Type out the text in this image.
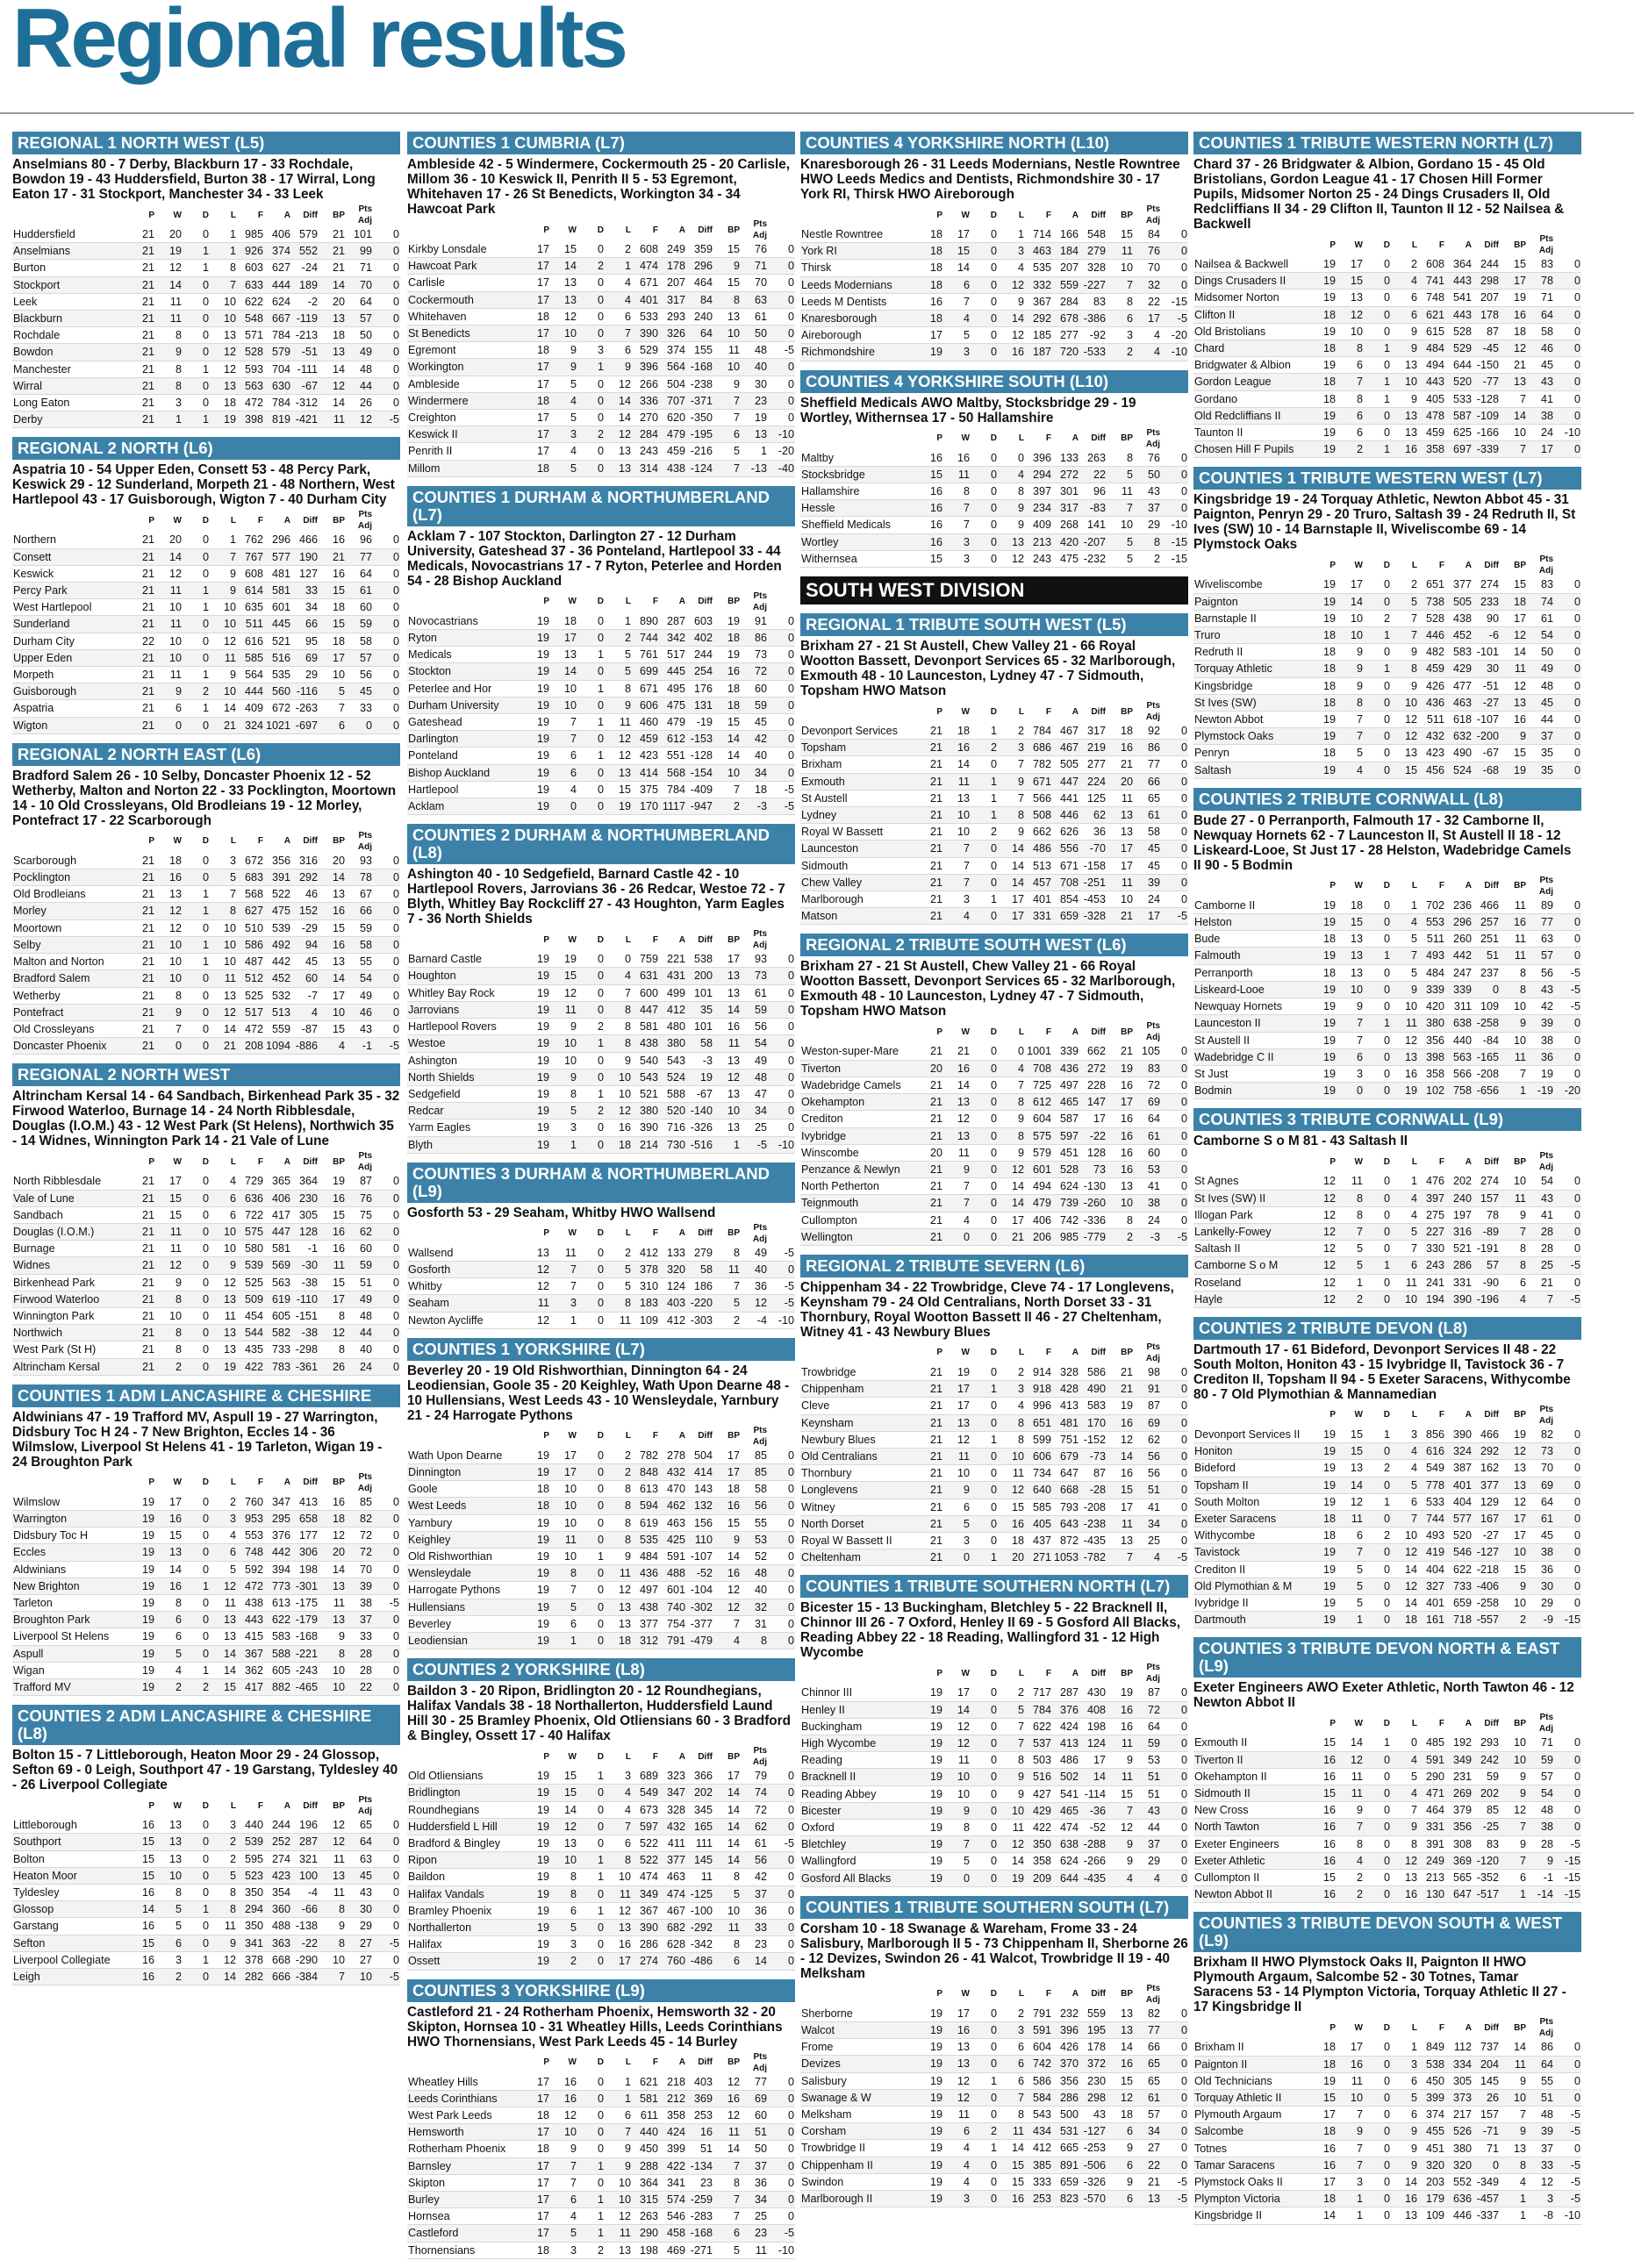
Regional results
REGIONAL 1 NORTH WEST (L5)
Anselmians 80 - 7 Derby, Blackburn 17 - 33 Rochdale, Bowdon 19 - 43 Huddersfield, Burton 38 - 17 Wirral, Long Eaton 17 - 31 Stockport, Manchester 34 - 33 Leek
	P	W	D	L	F	A	Diff	BP	Pts Adj	
Huddersfield	21	20	0	1	985	406	579	21	101	0
Anselmians	21	19	1	1	926	374	552	21	99	0
Burton	21	12	1	8	603	627	-24	21	71	0
Stockport	21	14	0	7	633	444	189	14	70	0
Leek	21	11	0	10	622	624	-2	20	64	0
Blackburn	21	11	0	10	548	667	-119	13	57	0
Rochdale	21	8	0	13	571	784	-213	18	50	0
Bowdon	21	9	0	12	528	579	-51	13	49	0
Manchester	21	8	1	12	593	704	-111	14	48	0
Wirral	21	8	0	13	563	630	-67	12	44	0
Long Eaton	21	3	0	18	472	784	-312	14	26	0
Derby	21	1	1	19	398	819	-421	11	12	-5
REGIONAL 2 NORTH (L6)
Aspatria 10 - 54 Upper Eden, Consett 53 - 48 Percy Park, Keswick 29 - 12 Sunderland, Morpeth 21 - 48 Northern, West Hartlepool 43 - 17 Guisborough, Wigton 7 - 40 Durham City
	P	W	D	L	F	A	Diff	BP	Pts Adj	
Northern	21	20	0	1	762	296	466	16	96	0
Consett	21	14	0	7	767	577	190	21	77	0
Keswick	21	12	0	9	608	481	127	16	64	0
Percy Park	21	11	1	9	614	581	33	15	61	0
West Hartlepool	21	10	1	10	635	601	34	18	60	0
Sunderland	21	11	0	10	511	445	66	15	59	0
Durham City	22	10	0	12	616	521	95	18	58	0
Upper Eden	21	10	0	11	585	516	69	17	57	0
Morpeth	21	11	1	9	564	535	29	10	56	0
Guisborough	21	9	2	10	444	560	-116	5	45	0
Aspatria	21	6	1	14	409	672	-263	7	33	0
Wigton	21	0	0	21	324	1021	-697	6	0	0
REGIONAL 2 NORTH EAST (L6)
Bradford Salem 26 - 10 Selby, Doncaster Phoenix 12 - 52 Wetherby, Malton and Norton 22 - 33 Pocklington, Moortown 14 - 10 Old Crossleyans, Old Brodleians 19 - 12 Morley, Pontefract 17 - 22 Scarborough
	P	W	D	L	F	A	Diff	BP	Pts Adj	
Scarborough	21	18	0	3	672	356	316	20	93	0
Pocklington	21	16	0	5	683	391	292	14	78	0
Old Brodleians	21	13	1	7	568	522	46	13	67	0
Morley	21	12	1	8	627	475	152	16	66	0
Moortown	21	12	0	10	510	539	-29	15	59	0
Selby	21	10	1	10	586	492	94	16	58	0
Malton and Norton	21	10	1	10	487	442	45	13	55	0
Bradford Salem	21	10	0	11	512	452	60	14	54	0
Wetherby	21	8	0	13	525	532	-7	17	49	0
Pontefract	21	9	0	12	517	513	4	10	46	0
Old Crossleyans	21	7	0	14	472	559	-87	15	43	0
Doncaster Phoenix	21	0	0	21	208	1094	-886	4	-1	-5
REGIONAL 2 NORTH WEST
Altrincham Kersal 14 - 64 Sandbach, Birkenhead Park 35 - 32 Firwood Waterloo, Burnage 14 - 24 North Ribblesdale, Douglas (I.O.M.) 43 - 12 West Park (St Helens), Northwich 35 - 14 Widnes, Winnington Park 14 - 21 Vale of Lune
	P	W	D	L	F	A	Diff	BP	Pts Adj	
North Ribblesdale	21	17	0	4	729	365	364	19	87	0
Vale of Lune	21	15	0	6	636	406	230	16	76	0
Sandbach	21	15	0	6	722	417	305	15	75	0
Douglas (I.O.M.)	21	11	0	10	575	447	128	16	62	0
Burnage	21	11	0	10	580	581	-1	16	60	0
Widnes	21	12	0	9	539	569	-30	11	59	0
Birkenhead Park	21	9	0	12	525	563	-38	15	51	0
Firwood Waterloo	21	8	0	13	509	619	-110	17	49	0
Winnington Park	21	10	0	11	454	605	-151	8	48	0
Northwich	21	8	0	13	544	582	-38	12	44	0
West Park (St H)	21	8	0	13	435	733	-298	8	40	0
Altrincham Kersal	21	2	0	19	422	783	-361	26	24	0
COUNTIES 1 ADM LANCASHIRE & CHESHIRE
Aldwinians 47 - 19 Trafford MV, Aspull 19 - 27 Warrington, Didsbury Toc H 24 - 7 New Brighton, Eccles 14 - 36 Wilmslow, Liverpool St Helens 41 - 19 Tarleton, Wigan 19 - 24 Broughton Park
	P	W	D	L	F	A	Diff	BP	Pts Adj	
Wilmslow	19	17	0	2	760	347	413	16	85	0
Warrington	19	16	0	3	953	295	658	18	82	0
Didsbury Toc H	19	15	0	4	553	376	177	12	72	0
Eccles	19	13	0	6	748	442	306	20	72	0
Aldwinians	19	14	0	5	592	394	198	14	70	0
New Brighton	19	16	1	12	472	773	-301	13	39	0
Tarleton	19	8	0	11	438	613	-175	11	38	-5
Broughton Park	19	6	0	13	443	622	-179	13	37	0
Liverpool St Helens	19	6	0	13	415	583	-168	9	33	0
Aspull	19	5	0	14	367	588	-221	8	28	0
Wigan	19	4	1	14	362	605	-243	10	28	0
Trafford MV	19	2	2	15	417	882	-465	10	22	0
COUNTIES 2 ADM LANCASHIRE & CHESHIRE (L8)
Bolton 15 - 7 Littleborough, Heaton Moor 29 - 24 Glossop, Sefton 69 - 0 Leigh, Southport 47 - 19 Garstang, Tyldesley 40 - 26 Liverpool Collegiate
	P	W	D	L	F	A	Diff	BP	Pts Adj	
Littleborough	16	13	0	3	440	244	196	12	65	0
Southport	15	13	0	2	539	252	287	12	64	0
Bolton	15	13	0	2	595	274	321	11	63	0
Heaton Moor	15	10	0	5	523	423	100	13	45	0
Tyldesley	16	8	0	8	350	354	-4	11	43	0
Glossop	14	5	1	8	294	360	-66	8	30	0
Garstang	16	5	0	11	350	488	-138	9	29	0
Sefton	15	6	0	9	341	363	-22	8	27	-5
Liverpool Collegiate	16	3	1	12	378	668	-290	10	27	0
Leigh	16	2	0	14	282	666	-384	7	10	-5
COUNTIES 1 CUMBRIA (L7)
Ambleside 42 - 5 Windermere, Cockermouth 25 - 20 Carlisle, Millom 36 - 10 Keswick II, Penrith II 5 - 53 Egremont, Whitehaven 17 - 26 St Benedicts, Workington 34 - 34 Hawcoat Park
	P	W	D	L	F	A	Diff	BP	Pts Adj	
Kirkby Lonsdale	17	15	0	2	608	249	359	15	76	0
Hawcoat Park	17	14	2	1	474	178	296	9	71	0
Carlisle	17	13	0	4	671	207	464	15	70	0
Cockermouth	17	13	0	4	401	317	84	8	63	0
Whitehaven	18	12	0	6	533	293	240	13	61	0
St Benedicts	17	10	0	7	390	326	64	10	50	0
Egremont	18	9	3	6	529	374	155	11	48	-5
Workington	17	9	1	9	396	564	-168	10	40	0
Ambleside	17	5	0	12	266	504	-238	9	30	0
Windermere	18	4	0	14	336	707	-371	7	23	0
Creighton	17	5	0	14	270	620	-350	7	19	0
Keswick II	17	3	2	12	284	479	-195	6	13	-10
Penrith II	17	4	0	13	243	459	-216	5	1	-20
Millom	18	5	0	13	314	438	-124	7	-13	-40
COUNTIES 1 DURHAM & NORTHUMBERLAND (L7)
Acklam 7 - 107 Stockton, Darlington 27 - 12 Durham University, Gateshead 37 - 36 Ponteland, Hartlepool 33 - 44 Medicals, Novocastrians 17 - 7 Ryton, Peterlee and Horden 54 - 28 Bishop Auckland
	P	W	D	L	F	A	Diff	BP	Pts Adj	
Novocastrians	19	18	0	1	890	287	603	19	91	0
Ryton	19	17	0	2	744	342	402	18	86	0
Medicals	19	13	1	5	761	517	244	19	73	0
Stockton	19	14	0	5	699	445	254	16	72	0
Peterlee and Hor	19	10	1	8	671	495	176	18	60	0
Durham University	19	10	0	9	606	475	131	18	59	0
Gateshead	19	7	1	11	460	479	-19	15	45	0
Darlington	19	7	0	12	459	612	-153	14	42	0
Ponteland	19	6	1	12	423	551	-128	14	40	0
Bishop Auckland	19	6	0	13	414	568	-154	10	34	0
Hartlepool	19	4	0	15	375	784	-409	7	18	-5
Acklam	19	0	0	19	170	1117	-947	2	-3	-5
COUNTIES 2 DURHAM & NORTHUMBERLAND (L8)
Ashington 40 - 10 Sedgefield, Barnard Castle 42 - 10 Hartlepool Rovers, Jarrovians 36 - 26 Redcar, Westoe 72 - 7 Blyth, Whitley Bay Rockcliff 27 - 43 Houghton, Yarm Eagles 7 - 36 North Shields
	P	W	D	L	F	A	Diff	BP	Pts Adj	
Barnard Castle	19	19	0	0	759	221	538	17	93	0
Houghton	19	15	0	4	631	431	200	13	73	0
Whitley Bay Rock	19	12	0	7	600	499	101	13	61	0
Jarrovians	19	11	0	8	447	412	35	14	59	0
Hartlepool Rovers	19	9	2	8	581	480	101	16	56	0
Westoe	19	10	1	8	438	380	58	11	54	0
Ashington	19	10	0	9	540	543	-3	13	49	0
North Shields	19	9	0	10	543	524	19	12	48	0
Sedgefield	19	8	1	10	521	588	-67	13	47	0
Redcar	19	5	2	12	380	520	-140	10	34	0
Yarm Eagles	19	3	0	16	390	716	-326	13	25	0
Blyth	19	1	0	18	214	730	-516	1	-5	-10
COUNTIES 3 DURHAM & NORTHUMBERLAND (L9)
Gosforth 53 - 29 Seaham, Whitby HWO Wallsend
	P	W	D	L	F	A	Diff	BP	Pts Adj	
Wallsend	13	11	0	2	412	133	279	8	49	-5
Gosforth	12	7	0	5	378	320	58	11	40	0
Whitby	12	7	0	5	310	124	186	7	36	-5
Seaham	11	3	0	8	183	403	-220	5	12	-5
Newton Aycliffe	12	1	0	11	109	412	-303	2	-4	-10
COUNTIES 1 YORKSHIRE (L7)
Beverley 20 - 19 Old Rishworthian, Dinnington 64 - 24 Leodiensian, Goole 35 - 20 Keighley, Wath Upon Dearne 48 - 10 Hullensians, West Leeds 43 - 10 Wensleydale, Yarnbury 21 - 24 Harrogate Pythons
	P	W	D	L	F	A	Diff	BP	Pts Adj	
Wath Upon Dearne	19	17	0	2	782	278	504	17	85	0
Dinnington	19	17	0	2	848	432	414	17	85	0
Goole	18	10	0	8	613	470	143	18	58	0
West Leeds	18	10	0	8	594	462	132	16	56	0
Yarnbury	19	10	0	8	619	463	156	15	55	0
Keighley	19	11	0	8	535	425	110	9	53	0
Old Rishworthian	19	10	1	9	484	591	-107	14	52	0
Wensleydale	19	8	0	11	436	488	-52	16	48	0
Harrogate Pythons	19	7	0	12	497	601	-104	12	40	0
Hullensians	19	5	0	13	438	740	-302	12	32	0
Beverley	19	6	0	13	377	754	-377	7	31	0
Leodiensian	19	1	0	18	312	791	-479	4	8	0
COUNTIES 2 YORKSHIRE (L8)
Baildon 3 - 20 Ripon, Bridlington 20 - 12 Roundhegians, Halifax Vandals 38 - 18 Northallerton, Huddersfield Laund Hill 30 - 25 Bramley Phoenix, Old Otliensians 60 - 3 Bradford & Bingley, Ossett 17 - 40 Halifax
	P	W	D	L	F	A	Diff	BP	Pts Adj	
Old Otliensians	19	15	1	3	689	323	366	17	79	0
Bridlington	19	15	0	4	549	347	202	14	74	0
Roundhegians	19	14	0	4	673	328	345	14	72	0
Huddersfield L Hill	19	12	0	7	597	432	165	14	62	0
Bradford & Bingley	19	13	0	6	522	411	111	14	61	-5
Ripon	19	10	1	8	522	377	145	14	56	0
Baildon	19	8	1	10	474	463	11	8	42	0
Halifax Vandals	19	8	0	11	349	474	-125	5	37	0
Bramley Phoenix	19	6	1	12	367	467	-100	10	36	0
Northallerton	19	5	0	13	390	682	-292	11	33	0
Halifax	19	3	0	16	286	628	-342	8	23	0
Ossett	19	2	0	17	274	760	-486	6	14	0
COUNTIES 3 YORKSHIRE (L9)
Castleford 21 - 24 Rotherham Phoenix, Hemsworth 32 - 20 Skipton, Hornsea 10 - 31 Wheatley Hills, Leeds Corinthians HWO Thornensians, West Park Leeds 45 - 14 Burley
	P	W	D	L	F	A	Diff	BP	Pts Adj	
Wheatley Hills	17	16	0	1	621	218	403	12	77	0
Leeds Corinthians	17	16	0	1	581	212	369	16	69	0
West Park Leeds	18	12	0	6	611	358	253	12	60	0
Hemsworth	17	10	0	7	440	424	16	11	51	0
Rotherham Phoenix	18	9	0	9	450	399	51	14	50	0
Barnsley	17	7	1	9	288	422	-134	7	37	0
Skipton	17	7	0	10	364	341	23	8	36	0
Burley	17	6	1	10	315	574	-259	7	34	0
Hornsea	17	4	1	12	263	546	-283	7	25	0
Castleford	17	5	1	11	290	458	-168	6	23	-5
Thornensians	18	3	2	13	198	469	-271	5	11	-10
COUNTIES 4 YORKSHIRE NORTH (L10)
Knaresborough 26 - 31 Leeds Modernians, Nestle Rowntree HWO Leeds Medics and Dentists, Richmondshire 30 - 17 York RI, Thirsk HWO Aireborough
	P	W	D	L	F	A	Diff	BP	Pts Adj	
Nestle Rowntree	18	17	0	1	714	166	548	15	84	0
York RI	18	15	0	3	463	184	279	11	76	0
Thirsk	18	14	0	4	535	207	328	10	70	0
Leeds Modernians	18	6	0	12	332	559	-227	7	32	0
Leeds M Dentists	16	7	0	9	367	284	83	8	22	-15
Knaresborough	18	4	0	14	292	678	-386	6	17	-5
Aireborough	17	5	0	12	185	277	-92	3	4	-20
Richmondshire	19	3	0	16	187	720	-533	2	4	-10
COUNTIES 4 YORKSHIRE SOUTH (L10)
Sheffield Medicals AWO Maltby, Stocksbridge 29 - 19 Wortley, Withernsea 17 - 50 Hallamshire
	P	W	D	L	F	A	Diff	BP	Pts Adj	
Maltby	16	16	0	0	396	133	263	8	76	0
Stocksbridge	15	11	0	4	294	272	22	5	50	0
Hallamshire	16	8	0	8	397	301	96	11	43	0
Hessle	16	7	0	9	234	317	-83	7	37	0
Sheffield Medicals	16	7	0	9	409	268	141	10	29	-10
Wortley	16	3	0	13	213	420	-207	5	8	-15
Withernsea	15	3	0	12	243	475	-232	5	2	-15
SOUTH WEST DIVISION
REGIONAL 1 TRIBUTE SOUTH WEST (L5)
Brixham 27 - 21 St Austell, Chew Valley 21 - 66 Royal Wootton Bassett, Devonport Services 65 - 32 Marlborough, Exmouth 48 - 10 Launceston, Lydney 47 - 7 Sidmouth, Topsham HWO Matson
	P	W	D	L	F	A	Diff	BP	Pts Adj	
Devonport Services	21	18	1	2	784	467	317	18	92	0
Topsham	21	16	2	3	686	467	219	16	86	0
Brixham	21	14	0	7	782	505	277	21	77	0
Exmouth	21	11	1	9	671	447	224	20	66	0
St Austell	21	13	1	7	566	441	125	11	65	0
Lydney	21	10	1	8	508	446	62	13	61	0
Royal W Bassett	21	10	2	9	662	626	36	13	58	0
Launceston	21	7	0	14	486	556	-70	17	45	0
Sidmouth	21	7	0	14	513	671	-158	17	45	0
Chew Valley	21	7	0	14	457	708	-251	11	39	0
Marlborough	21	3	1	17	401	854	-453	10	24	0
Matson	21	4	0	17	331	659	-328	21	17	-5
REGIONAL 2 TRIBUTE SOUTH WEST (L6)
Brixham 27 - 21 St Austell, Chew Valley 21 - 66 Royal Wootton Bassett, Devonport Services 65 - 32 Marlborough, Exmouth 48 - 10 Launceston, Lydney 47 - 7 Sidmouth, Topsham HWO Matson
	P	W	D	L	F	A	Diff	BP	Pts Adj	
Weston-super-Mare	21	21	0	0	1001	339	662	21	105	0
Tiverton	20	16	0	4	708	436	272	19	83	0
Wadebridge Camels	21	14	0	7	725	497	228	16	72	0
Okehampton	21	13	0	8	612	465	147	17	69	0
Crediton	21	12	0	9	604	587	17	16	64	0
Ivybridge	21	13	0	8	575	597	-22	16	61	0
Winscombe	20	11	0	9	579	451	128	16	60	0
Penzance & Newlyn	21	9	0	12	601	528	73	16	53	0
North Petherton	21	7	0	14	494	624	-130	13	41	0
Teignmouth	21	7	0	14	479	739	-260	10	38	0
Cullompton	21	4	0	17	406	742	-336	8	24	0
Wellington	21	0	0	21	206	985	-779	2	-3	-5
REGIONAL 2 TRIBUTE SEVERN (L6)
Chippenham 34 - 22 Trowbridge, Cleve 74 - 17 Longlevens, Keynsham 79 - 24 Old Centralians, North Dorset 33 - 31 Thornbury, Royal Wootton Bassett II 46 - 27 Cheltenham, Witney 41 - 43 Newbury Blues
	P	W	D	L	F	A	Diff	BP	Pts Adj	
Trowbridge	21	19	0	2	914	328	586	21	98	0
Chippenham	21	17	1	3	918	428	490	21	91	0
Cleve	21	17	0	4	996	413	583	19	87	0
Keynsham	21	13	0	8	651	481	170	16	69	0
Newbury Blues	21	12	1	8	599	751	-152	12	62	0
Old Centralians	21	11	0	10	606	679	-73	14	56	0
Thornbury	21	10	0	11	734	647	87	16	56	0
Longlevens	21	9	0	12	640	668	-28	15	51	0
Witney	21	6	0	15	585	793	-208	17	41	0
North Dorset	21	5	0	16	405	643	-238	11	34	0
Royal W Bassett II	21	3	0	18	437	872	-435	13	25	0
Cheltenham	21	0	1	20	271	1053	-782	7	4	-5
COUNTIES 1 TRIBUTE SOUTHERN NORTH (L7)
Bicester 15 - 13 Buckingham, Bletchley 5 - 22 Bracknell II, Chinnor III 26 - 7 Oxford, Henley II 69 - 5 Gosford All Blacks, Reading Abbey 22 - 18 Reading, Wallingford 31 - 12 High Wycombe
	P	W	D	L	F	A	Diff	BP	Pts Adj	
Chinnor III	19	17	0	2	717	287	430	19	87	0
Henley II	19	14	0	5	784	376	408	16	72	0
Buckingham	19	12	0	7	622	424	198	16	64	0
High Wycombe	19	12	0	7	537	413	124	11	59	0
Reading	19	11	0	8	503	486	17	9	53	0
Bracknell II	19	10	0	9	516	502	14	11	51	0
Reading Abbey	19	10	0	9	427	541	-114	15	51	0
Bicester	19	9	0	10	429	465	-36	7	43	0
Oxford	19	8	0	11	422	474	-52	12	44	0
Bletchley	19	7	0	12	350	638	-288	9	37	0
Wallingford	19	5	0	14	358	624	-266	9	29	0
Gosford All Blacks	19	0	0	19	209	644	-435	4	4	0
COUNTIES 1 TRIBUTE SOUTHERN SOUTH (L7)
Corsham 10 - 18 Swanage & Wareham, Frome 33 - 24 Salisbury, Marlborough II 5 - 73 Chippenham II, Sherborne 26 - 12 Devizes, Swindon 26 - 41 Walcot, Trowbridge II 19 - 40 Melksham
	P	W	D	L	F	A	Diff	BP	Pts Adj	
Sherborne	19	17	0	2	791	232	559	13	82	0
Walcot	19	16	0	3	591	396	195	13	77	0
Frome	19	13	0	6	604	426	178	14	66	0
Devizes	19	13	0	6	742	370	372	16	65	0
Salisbury	19	12	1	6	586	356	230	15	65	0
Swanage & W	19	12	0	7	584	286	298	12	61	0
Melksham	19	11	0	8	543	500	43	18	57	0
Corsham	19	6	2	11	434	531	-127	6	34	0
Trowbridge II	19	4	1	14	412	665	-253	9	27	0
Chippenham II	19	4	0	15	385	891	-506	6	22	0
Swindon	19	4	0	15	333	659	-326	9	21	-5
Marlborough II	19	3	0	16	253	823	-570	6	13	-5
COUNTIES 1 TRIBUTE WESTERN NORTH (L7)
Chard 37 - 26 Bridgwater & Albion, Gordano 15 - 45 Old Bristolians, Gordon League 41 - 17 Chosen Hill Former Pupils, Midsomer Norton 25 - 24 Dings Crusaders II, Old Redcliffians II 34 - 29 Clifton II, Taunton II 12 - 52 Nailsea & Backwell
	P	W	D	L	F	A	Diff	BP	Pts Adj	
Nailsea & Backwell	19	17	0	2	608	364	244	15	83	0
Dings Crusaders II	19	15	0	4	741	443	298	17	78	0
Midsomer Norton	19	13	0	6	748	541	207	19	71	0
Clifton II	18	12	0	6	621	443	178	16	64	0
Old Bristolians	19	10	0	9	615	528	87	18	58	0
Chard	18	8	1	9	484	529	-45	12	46	0
Bridgwater & Albion	19	6	0	13	494	644	-150	21	45	0
Gordon League	18	7	1	10	443	520	-77	13	43	0
Gordano	18	8	1	9	405	533	-128	7	41	0
Old Redcliffians II	19	6	0	13	478	587	-109	14	38	0
Taunton II	19	6	0	13	459	625	-166	10	24	-10
Chosen Hill F Pupils	19	2	1	16	358	697	-339	7	17	0
COUNTIES 1 TRIBUTE WESTERN WEST (L7)
Kingsbridge 19 - 24 Torquay Athletic, Newton Abbot 45 - 31 Paignton, Penryn 29 - 20 Truro, Saltash 39 - 24 Redruth II, St Ives (SW) 10 - 14 Barnstaple II, Wiveliscombe 69 - 14 Plymstock Oaks
	P	W	D	L	F	A	Diff	BP	Pts Adj	
Wiveliscombe	19	17	0	2	651	377	274	15	83	0
Paignton	19	14	0	5	738	505	233	18	74	0
Barnstaple II	19	10	2	7	528	438	90	17	61	0
Truro	18	10	1	7	446	452	-6	12	54	0
Redruth II	18	9	0	9	482	583	-101	14	50	0
Torquay Athletic	18	9	1	8	459	429	30	11	49	0
Kingsbridge	18	9	0	9	426	477	-51	12	48	0
St Ives (SW)	18	8	0	10	436	463	-27	13	45	0
Newton Abbot	19	7	0	12	511	618	-107	16	44	0
Plymstock Oaks	19	7	0	12	432	632	-200	9	37	0
Penryn	18	5	0	13	423	490	-67	15	35	0
Saltash	19	4	0	15	456	524	-68	19	35	0
COUNTIES 2 TRIBUTE CORNWALL (L8)
Bude 27 - 0 Perranporth, Falmouth 17 - 32 Camborne II, Newquay Hornets 62 - 7 Launceston II, St Austell II 18 - 12 Liskeard-Looe, St Just 17 - 28 Helston, Wadebridge Camels II 90 - 5 Bodmin
	P	W	D	L	F	A	Diff	BP	Pts Adj	
Camborne II	19	18	0	1	702	236	466	11	89	0
Helston	19	15	0	4	553	296	257	16	77	0
Bude	18	13	0	5	511	260	251	11	63	0
Falmouth	19	13	1	7	493	442	51	11	57	0
Perranporth	18	13	0	5	484	247	237	8	56	-5
Liskeard-Looe	19	10	0	9	339	339	0	8	43	-5
Newquay Hornets	19	9	0	10	420	311	109	10	42	-5
Launceston II	19	7	1	11	380	638	-258	9	39	0
St Austell II	19	7	0	12	356	440	-84	10	38	0
Wadebridge C II	19	6	0	13	398	563	-165	11	36	0
St Just	19	3	0	16	358	566	-208	7	19	0
Bodmin	19	0	0	19	102	758	-656	1	-19	-20
COUNTIES 3 TRIBUTE CORNWALL (L9)
Camborne S o M 81 - 43 Saltash II
	P	W	D	L	F	A	Diff	BP	Pts Adj	
St Agnes	12	11	0	1	476	202	274	10	54	0
St Ives (SW) II	12	8	0	4	397	240	157	11	43	0
Illogan Park	12	8	0	4	275	197	78	9	41	0
Lankelly-Fowey	12	7	0	5	227	316	-89	7	28	0
Saltash II	12	5	0	7	330	521	-191	8	28	0
Camborne S o M	12	5	1	6	243	286	57	8	25	-5
Roseland	12	1	0	11	241	331	-90	6	21	0
Hayle	12	2	0	10	194	390	-196	4	7	-5
COUNTIES 2 TRIBUTE DEVON (L8)
Dartmouth 17 - 61 Bideford, Devonport Services II 48 - 22 South Molton, Honiton 43 - 15 Ivybridge II, Tavistock 36 - 7 Crediton II, Topsham II 94 - 5 Exeter Saracens, Withycombe 80 - 7 Old Plymothian & Mannamedian
	P	W	D	L	F	A	Diff	BP	Pts Adj	
Devonport Services II	19	15	1	3	856	390	466	19	82	0
Honiton	19	15	0	4	616	324	292	12	73	0
Bideford	19	13	2	4	549	387	162	13	70	0
Topsham II	19	14	0	5	778	401	377	13	69	0
South Molton	19	12	1	6	533	404	129	12	64	0
Exeter Saracens	18	11	0	7	744	577	167	17	61	0
Withycombe	18	6	2	10	493	520	-27	17	45	0
Tavistock	19	7	0	12	419	546	-127	10	38	0
Crediton II	19	5	0	14	404	622	-218	15	36	0
Old Plymothian & M	19	5	0	12	327	733	-406	9	30	0
Ivybridge II	19	5	0	14	401	659	-258	10	29	0
Dartmouth	19	1	0	18	161	718	-557	2	-9	-15
COUNTIES 3 TRIBUTE DEVON NORTH & EAST (L9)
Exeter Engineers AWO Exeter Athletic, North Tawton 46 - 12 Newton Abbot II
	P	W	D	L	F	A	Diff	BP	Pts Adj	
Exmouth II	15	14	1	0	485	192	293	10	71	0
Tiverton II	16	12	0	4	591	349	242	10	59	0
Okehampton II	16	11	0	5	290	231	59	9	57	0
Sidmouth II	15	11	0	4	471	269	202	9	54	0
New Cross	16	9	0	7	464	379	85	12	48	0
North Tawton	16	7	0	9	331	356	-25	7	38	0
Exeter Engineers	16	8	0	8	391	308	83	9	28	-5
Exeter Athletic	16	4	0	12	249	369	-120	7	9	-15
Cullompton II	15	2	0	13	213	565	-352	6	-1	-15
Newton Abbot II	16	2	0	16	130	647	-517	1	-14	-15
COUNTIES 3 TRIBUTE DEVON SOUTH & WEST (L9)
Brixham II HWO Plymstock Oaks II, Paignton II HWO Plymouth Argaum, Salcombe 52 - 30 Totnes, Tamar Saracens 53 - 14 Plympton Victoria, Torquay Athletic II 27 - 17 Kingsbridge II
	P	W	D	L	F	A	Diff	BP	Pts Adj	
Brixham II	18	17	0	1	849	112	737	14	86	0
Paignton II	18	16	0	3	538	334	204	11	64	0
Old Technicians	19	11	0	6	450	305	145	9	55	0
Torquay Athletic II	15	10	0	5	399	373	26	10	51	0
Plymouth Argaum	17	7	0	6	374	217	157	7	48	-5
Salcombe	18	9	0	9	455	526	-71	9	39	-5
Totnes	16	7	0	9	451	380	71	13	37	0
Tamar Saracens	16	7	0	9	320	320	0	8	33	-5
Plymstock Oaks II	17	3	0	14	203	552	-349	4	12	-5
Plympton Victoria	18	1	0	16	179	636	-457	1	3	-5
Kingsbridge II	14	1	0	13	109	446	-337	1	-8	-10
